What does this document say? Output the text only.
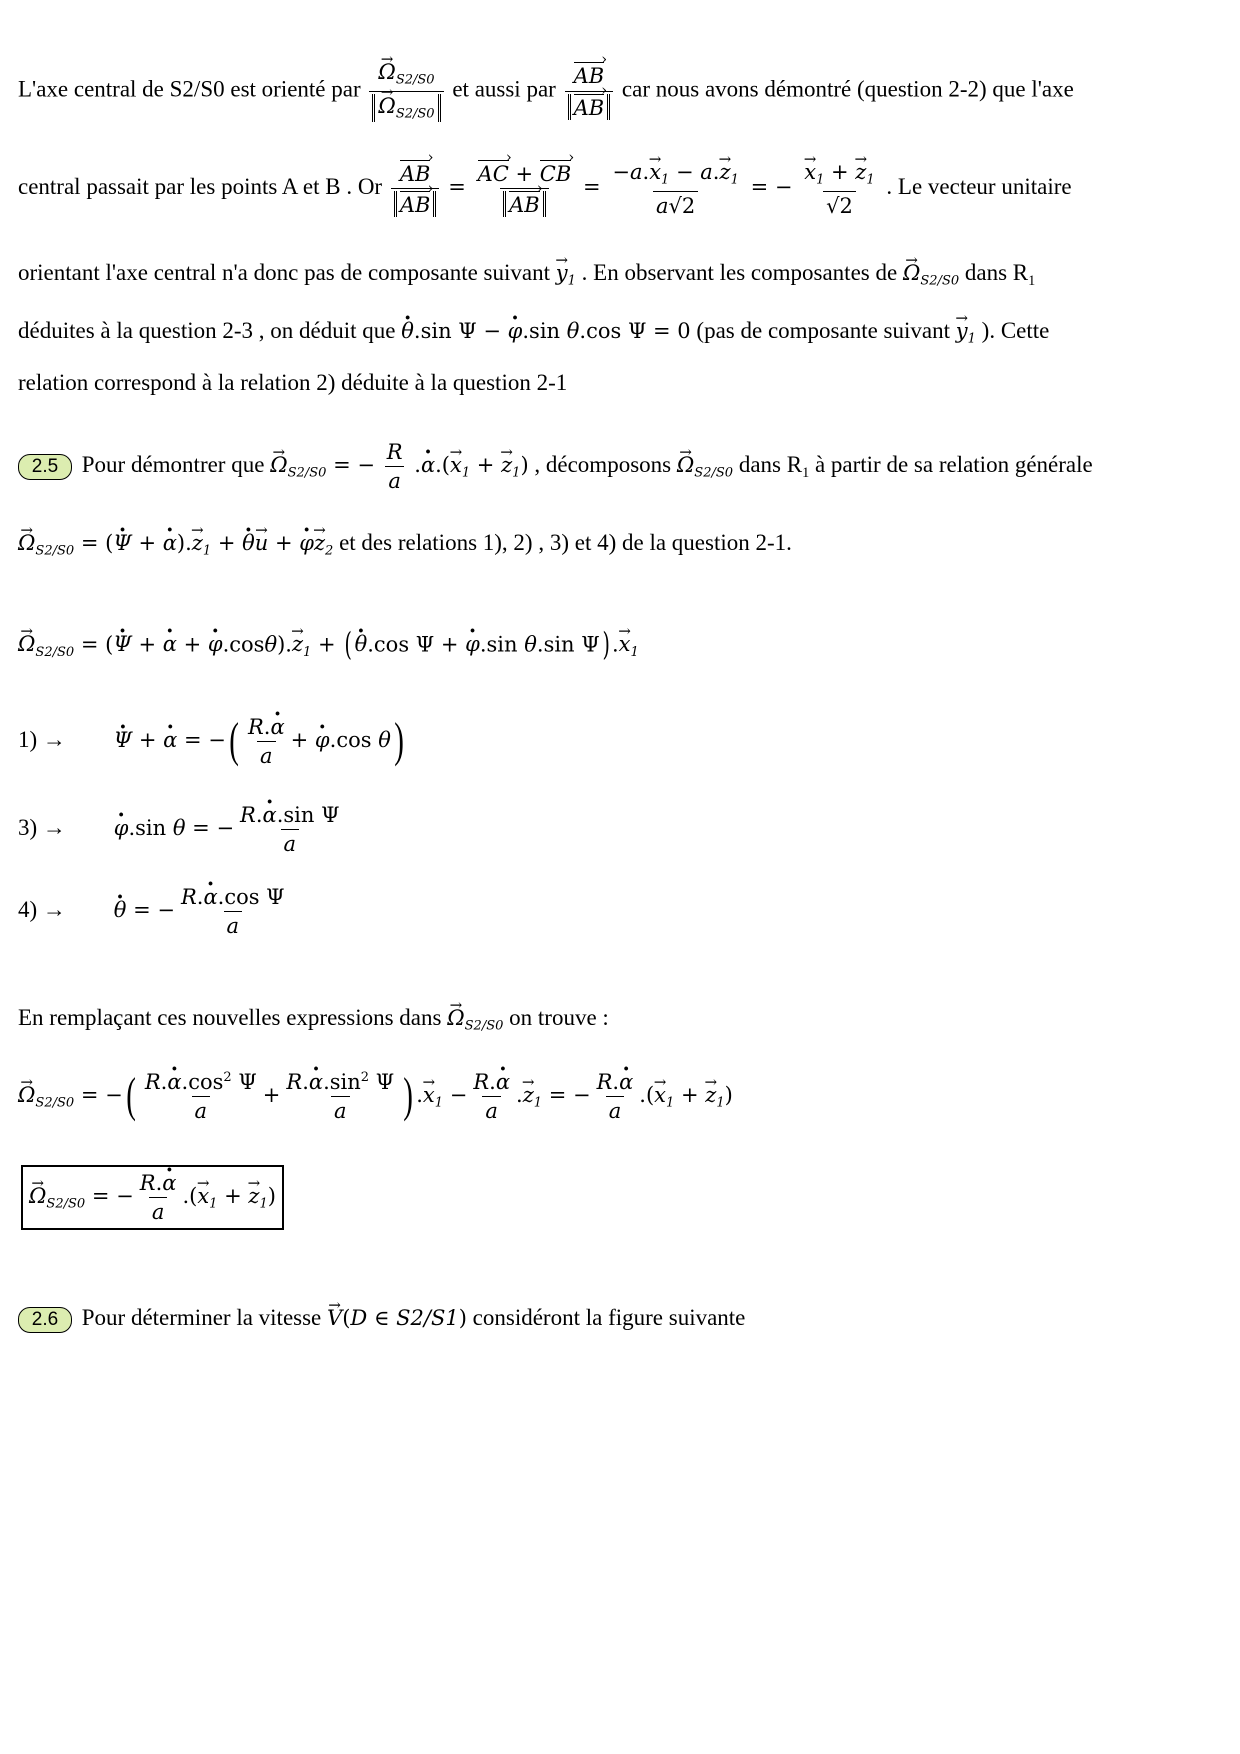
L'axe central de S2/S0 est orienté par → $\Omega_{S2/S0}$
→ $\Omega_{S2/S0}$ et aussi par $\frac{AB ›}{AB}$ › car nous avons démontré (question 2-2) que l'axe
central passait par les points A et B . Or $\frac{AB ›}{AB}$ › = $\frac{AC › + CB ›}{AB}$ › = $\frac{-a.\to x_1 - a.\to z_1}{a√2}$ = − → $\frac{x_1 + \to z_1}{√2}$ . Le vecteur unitaire
orientant l'axe central n'a donc pas de composante suivant → $y_1$ . En observant les composantes de → $\Omega_{S2/S0}$ dans $R_1$
déduites à la question 2-3 , on déduit que · θ.sin Ψ − · φ.sin θ.cos Ψ = 0 (pas de composante suivant → $y_1$ ). Cette
relation correspond à la relation 2) déduite à la question 2-1
2.5 Pour démontrer que → $\Omega_{S2/S0}$ = − $\frac{R}{a}$ .· $\alpha.(\to x_1$ + → $z_1$) , décomposons → $\Omega_{S2/S0}$ dans $R_1$ à partir de sa relation générale
→ $\Omega_{S2/S0}$ = (· Ψ + · $\alpha).\to z_1$ + · θ→ u + · $\varphi\to z_2$ et des relations 1), 2) , 3) et 4) de la question 2-1.
→ $\Omega_{S2/S0}$ = (· Ψ + · α + · $\varphi.\cos\theta).\to z_1$ + ( · θ.cos Ψ + · φ.sin θ.sin Ψ) .→ $x_1$
1) → · Ψ + · α = −( $\frac{R.\cdot \alpha}{a}$ + · φ.cos θ)
3) → · φ.sin θ = − $\frac{\text{R.· α.sin Ψ}}{a}$
4) → · θ = − $\frac{\text{R.· α.cos Ψ}}{a}$
En remplaçant ces nouvelles expressions dans → $\Omega_{S2/S0}$ on trouve :
→ $\Omega_{S2/S0}$ = −( $\frac{R.\cdot \alpha.\cos^2 \Psi}{a} + \frac{R.\cdot \alpha.\sin^2 \Psi}{a}$ ) .→ $x_1 - \frac{R.\cdot \alpha}{a}$ .→ $z_1$ = − $\frac{R.\cdot \alpha}{a}$ .(→ $x_1$ + → $z_1$)
→ $\Omega_{S2/S0}$ = − $\frac{R.\cdot \alpha}{a}$ .(→ $x_1$ + → $z_1$)
2.6 Pour déterminer la vitesse → V(D ∈ S2/S1) considéront la figure suivante
